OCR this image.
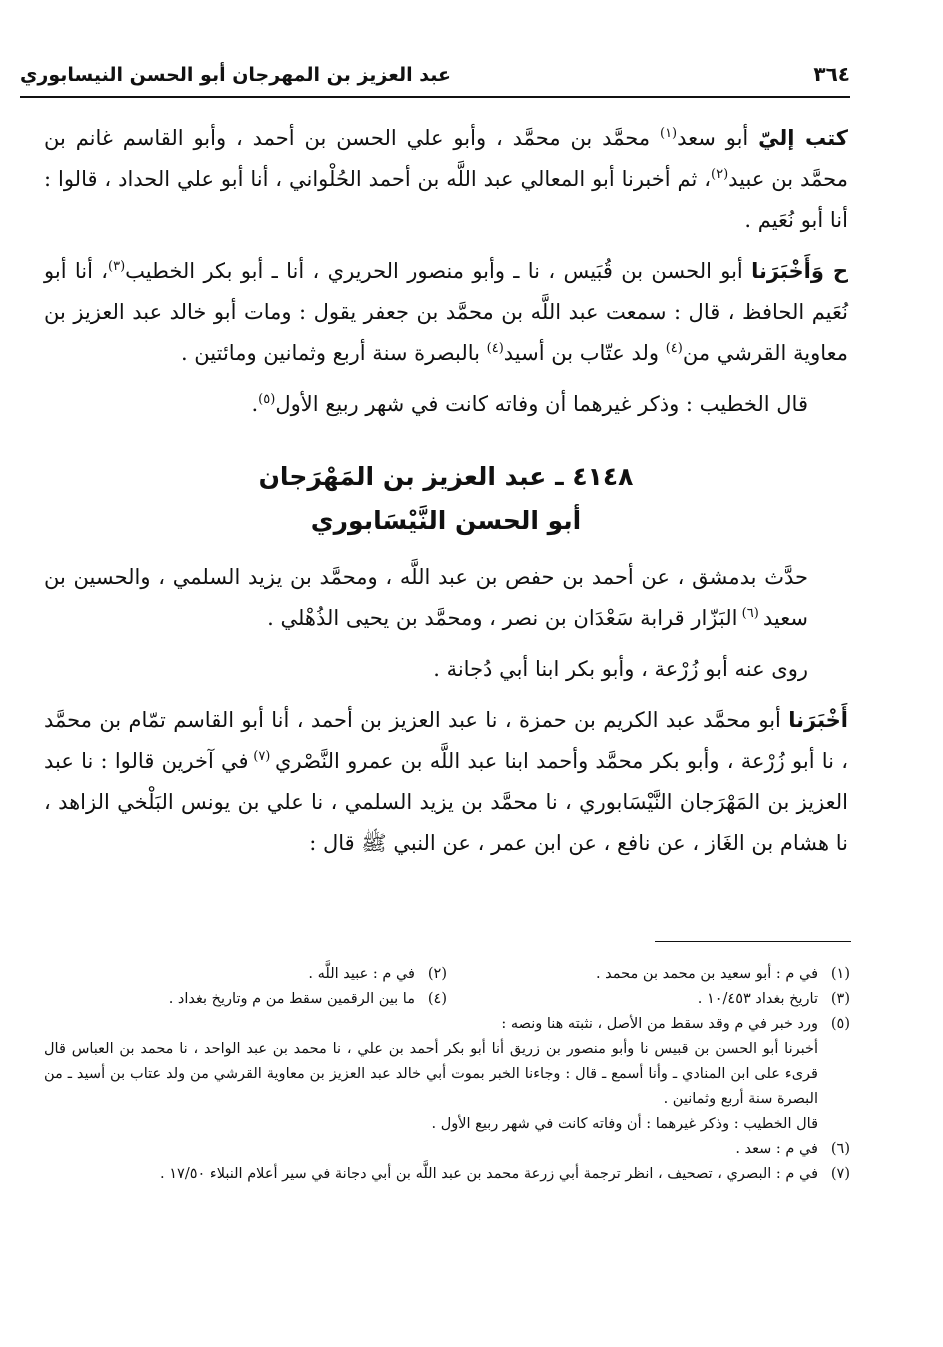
٣٦٤
عبد العزيز بن المهرجان أبو الحسن النيسابوري

كتب إليّ أبو سعد$^{(١)}$ محمَّد بن محمَّد ، وأبو علي الحسن بن أحمد ، وأبو القاسم غانم بن محمَّد بن عبيد$^{(٢)}$، ثم أخبرنا أبو المعالي عبد اللَّه بن أحمد الحُلْواني ، أنا أبو علي الحداد ، قالوا : أنا أبو نُعَيم .

ح وَأَخْبَرَنا أبو الحسن بن قُبَيس ، نا ـ وأبو منصور الحريري ، أنا ـ أبو بكر الخطيب$^{(٣)}$، أنا أبو نُعَيم الحافظ ، قال : سمعت عبد اللَّه بن محمَّد بن جعفر يقول : ومات أبو خالد عبد العزيز بن معاوية القرشي من$^{(٤)}$ ولد عتّاب بن أسيد$^{(٤)}$ بالبصرة سنة أربع وثمانين ومائتين .

قال الخطيب : وذكر غيرهما أن وفاته كانت في شهر ربيع الأول$^{(٥)}$.

٤١٤٨ ـ عبد العزيز بن المَهْرَجان
أبو الحسن النَّيْسَابوري

حدَّث بدمشق ، عن أحمد بن حفص بن عبد اللَّه ، ومحمَّد بن يزيد السلمي ، والحسين بن سعيد $^{(٦)}$ البَزّار قرابة سَعْدَان بن نصر ، ومحمَّد بن يحيى الذُهْلي .

روى عنه أبو زُرْعة ، وأبو بكر ابنا أبي دُجانة .

أَخْبَرَنا أبو محمَّد عبد الكريم بن حمزة ، نا عبد العزيز بن أحمد ، أنا أبو القاسم تمّام بن محمَّد ، نا أبو زُرْعة ، وأبو بكر محمَّد وأحمد ابنا عبد اللَّه بن عمرو النَّصْري $^{(٧)}$ في آخرين قالوا : نا عبد العزيز بن المَهْرَجان النَّيْسَابوري ، نا محمَّد بن يزيد السلمي ، نا علي بن يونس البَلْخي الزاهد ، نا هشام بن الغَاز ، عن نافع ، عن ابن عمر ، عن النبي ﷺ قال :

(١)
في م : أبو سعيد بن محمد بن محمد .
(٢)
في م : عبيد اللَّه .
(٣)
تاريخ بغداد ١٠/٤٥٣ .
(٤)
ما بين الرقمين سقط من م وتاريخ بغداد .
(٥)
ورد خبر في م وقد سقط من الأصل ، نثبته هنا ونصه :
أخبرنا أبو الحسن بن قبيس نا وأبو منصور بن زريق أنا أبو بكر أحمد بن علي ، نا محمد بن عبد الواحد ، نا محمد بن العباس قال قرىء على ابن المنادي ـ وأنا أسمع ـ قال : وجاءنا الخبر بموت أبي خالد عبد العزيز بن معاوية القرشي من ولد عتاب بن أسيد ـ من البصرة سنة أربع وثمانين .
قال الخطيب : وذكر غيرهما : أن وفاته كانت في شهر ربيع الأول .
(٦)
في م : سعد .
(٧)
في م : البصري ، تصحيف ، انظر ترجمة أبي زرعة محمد بن عبد اللَّه بن أبي دجانة في سير أعلام النبلاء ١٧/٥٠ .
